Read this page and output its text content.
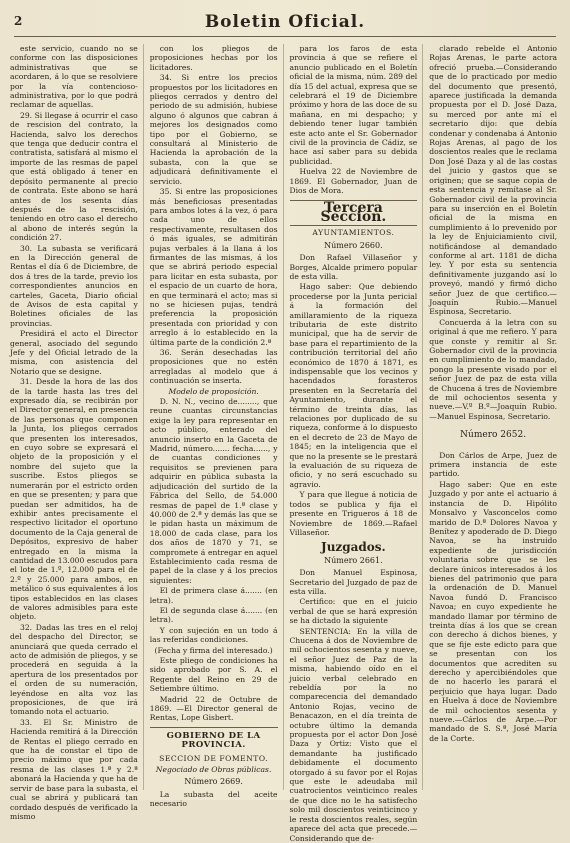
2	Boletin Oficial.

este servicio, cuando no se conforme con las disposiciones administrativas que se acordaren, á lo que se resolviere por la vía contencioso-administrativa, por lo que podrá reclamar de aquellas.

29. Si llegase á ocurrir el caso de rescision del contrato, la Hacienda, salvo los derechos que tenga que deducir contra el contratista, satisfará al mismo el importe de las resmas de papel que está obligado á tener en depósito permanente al precio de contrata. Este abono se hará antes de los sesenta días después de la rescisión, teniendo en otro caso el derecho al abono de interés según la condición 27.

30. La subasta se verificará en la Dirección general de Rentas el día 6 de Diciembre, de dos á tres de la tarde, previo los correspondientes anuncios en carteles, Gaceta, Diario oficial de Avisos de esta capital y Boletines oficiales de las provincias.

Presidirá el acto el Director general, asociado del segundo Jefe y del Oficial letrado de la misma, con asistencia del Notario que se designe.

31. Desde la hora de las dos de la tarde hasta las tres del expresado día, se recibirán por el Director general, en presencia de las personas que componen la Junta, los pliegos cerrados que presenten los interesados, en cuyo sobre se expresará el objeto de la proposición y el nombre del sujeto que la suscribe. Estos pliegos se numerarán por el estricto orden en que se presenten; y para que puedan ser admitidos, ha de exhibir antes precisamente el respectivo licitador el oportuno documento de la Caja general de Depósitos, expresivo de haber entregado en la misma la cantidad de 13.000 escudos para el lote de 1.º, 12.000 para el de 2.º y 25.000 para ambos, en metálico ó sus equivalentes á los tipos establecidos en las clases de valores admisibles para este objeto.

32. Dadas las tres en el reloj del despacho del Director, se anunciará que queda cerrado el acto de admisión de pliegos, y se procederá en seguida á la apertura de los presentados por el orden de su numeración, leyéndose en alta voz las proposiciones, de que irá tomando nota el actuario.

33. El Sr. Ministro de Hacienda remitirá á la Dirección de Rentas el pliego cerrado en que ha de constar el tipo de precio máximo que por cada resma de las clases 1.ª y 2.ª abonará la Hacienda y que ha de servir de base para la subasta, el cual se abrirá y publicará tan cordado después de verificado la mismo

con los pliegos de proposiciones hechas por los licitadores.

34. Si entre los precios propuestos por los licitadores en pliegos cerrados y dentro del periodo de su admisión, hubiese alguno ó algunos que cabran á mejores los designados como tipo por el Gobierno, se consultará al Ministerio de Hacienda la aprobación de la subasta, con la que se adjudicará definitivamente el servicio.

35. Si entre las proposiciones más beneficiosas presentadas para ambos lotes á la vez, ó para cada uno de ellos respectivamente, resultasen dos ó más iguales, se admitirán pujas verbales á la llana á los firmantes de las mismas, á los que se abrirá periodo especial para licitar en esta subasta, por el espacio de un cuarto de hora, en que terminará el acto; mas si no se hiciesen pujas, tendrá preferencia la proposición presentada con prioridad y con arreglo á lo establecido en la última parte de la condición 2.ª

36. Serán desechadas las proposiciones que no estén arregladas al modelo que á continuación se inserta.

Modelo de proposición.

D. N. N., vecino de........, que reune cuantas circunstancias exige la ley para representar en acto público, enterado del anuncio inserto en la Gaceta de Madrid, número....... fecha......, y de cuantas condiciones y requisitos se previenen para adquirir en pública subasta la adjudicación del surtido de la Fábrica del Sello, de 54.000 resmas de papel de 1.ª clase y 40.000 de 2.ª y demás las que se le pidan hasta un máximum de 18.000 de cada clase, para los dos años de 1870 y 71, se compromete á entregar en aquel Establecimiento cada resma de papel de la clase y á los precios siguientes:

El de primera clase á....... (en letra).

El de segunda clase á....... (en letra).

Y con sujeción en un todo á las referidas condiciones.

(Fecha y firma del interesado.)

Este pliego de condiciones ha sido aprobado por S. A. el Regente del Reino en 29 de Setiembre último.

Madrid 22 de Octubre de 1869. —El Director general de Rentas, Lope Gisbert.

GOBIERNO DE LA PROVINCIA.
SECCION DE FOMENTO.

Negociado de Obras públicas.

Número 2669.

La subasta del aceite necesario

para los faros de esta provincia á que se refiere el anuncio publicado en el Boletín oficial de la misma, núm. 289 del día 15 del actual, expresa que se celebrará el 19 de Diciembre próximo y hora de las doce de su mañana, en mi despacho; y debiendo tener lugar también este acto ante el Sr. Gobernador civil de la provincia de Cádiz, se hace así saber para su debida publicidad.

Huelva 22 de Noviembre de 1869. El Gobernador, Juan de Dios de Mora.

Tercera Seccion.
AYUNTAMIENTOS.
Número 2660.

Don Rafael Villaseñor y Borges, Alcalde primero popular de esta villa.

Hago saber: Que debiendo procederse por la Junta pericial á la formación del amillaramiento de la riqueza tributaria de este distrito municipal, que ha de servir de base para el repartimiento de la contribución territorial del año económico de 1870 á 1871, es indispensable que los vecinos y hacendados forasteros presenten en la Secretaría del Ayuntamiento, durante el término de treinta días, las relaciones por duplicado de su riqueza, conforme á lo dispuesto en el decreto de 23 de Mayo de 1845; en la inteligencia que el que no la presente se le prestará la evaluación de su riqueza de oficio, y no será escuchado su agravio.

Y para que llegue á noticia de todos se publica y fija el presente en Trigueros á 18 de Noviembre de 1869.—Rafael Villaseñor.

Juzgados.
Número 2661.

Don Manuel Espinosa, Secretario del Juzgado de paz de esta villa.

Certifico: que en el juicio verbal de que se hará expresión se ha dictado la siguiente

SENTENCIA: En la villa de Chucena á dos de Noviembre de mil ochocientos sesenta y nueve, el señor Juez de Paz de la misma, habiendo oído en el juicio verbal celebrado en rebeldía por la no comparecencia del demandado Antonio Rojas, vecino de Benacazon, en el día treinta de octubre último la demanda propuesta por el actor Don José Daza y Ortiz: Visto que el demandante ha justificado debidamente el documento otorgado á su favor por el Rojas que este le adeudaba mil cuatrocientos veinticinco reales de que dice no le ha satisfecho solo mil doscientos veinticinco y le resta doscientos reales, según aparece del acta que precede.—Considerando que de-

clarado rebelde el Antonio Rojas Arenas, le parte actora ofreció prueba.—Considerando que de lo practicado por medio del documento que presentó, aparece justificada la demanda propuesta por el D. José Daza, su merced por ante mí el secretario dijo: que debía condenar y condenaba á Antonio Rojas Arenas, al pago de los doscientos reales que le reclama Don José Daza y al de las costas del juicio y gastos que se originen; que se saque copia de esta sentencia y remítase al Sr. Gobernador civil de la provincia para su inserción en el Boletín oficial de la misma en cumplimiento á lo prevenido por la ley de Enjuiciamiento civil, notificándose al demandado conforme al art. 1181 de dicha ley. Y por esta su sentencia definitivamente juzgando así lo proveyó, mandó y firmó dicho señor Juez de que certifico.—Joaquín Rubio.—Manuel Espinosa, Secretario.

Concuerda á la letra con su original á que me refiero. Y para que conste y remitir al Sr. Gobernador civil de la provincia en cumplimiento de lo mandado, pongo la presente visado por el señor Juez de paz de esta villa de Chucena á tres de Noviembre de mil ochocientos sesenta y nueve.—V.º B.º—Joaquín Rubio.—Manuel Espinosa, Secretario.

Número 2652.

Don Cárlos de Arpe, Juez de primera instancia de este partido.

Hago saber: Que en este Juzgado y por ante el actuario á instancia de D. Hipólito Monsalvo y Vasconcelos como marido de D.ª Dolores Navoa y Benítez y apoderado de D. Diego Navoa, se ha instruido expediente de jurisdicción voluntaria sobre que se les declare únicos interesados á los bienes del patrimonio que para la ordenación de D. Manuel Navoa fundó D. Francisco Navoa; en cuyo expediente he mandado llamar por término de treinta días á los que se crean con derecho á dichos bienes, y que se fije este edicto para que se presentan con los documentos que acrediten su derecho y apercibiéndoles que de no hacerlo les parará el perjuicio que haya lugar. Dado en Huelva á doce de Noviembre de mil ochocientos sesenta y nueve.—Cárlos de Arpe.—Por mandado de S. S.ª, José María de la Corte.
